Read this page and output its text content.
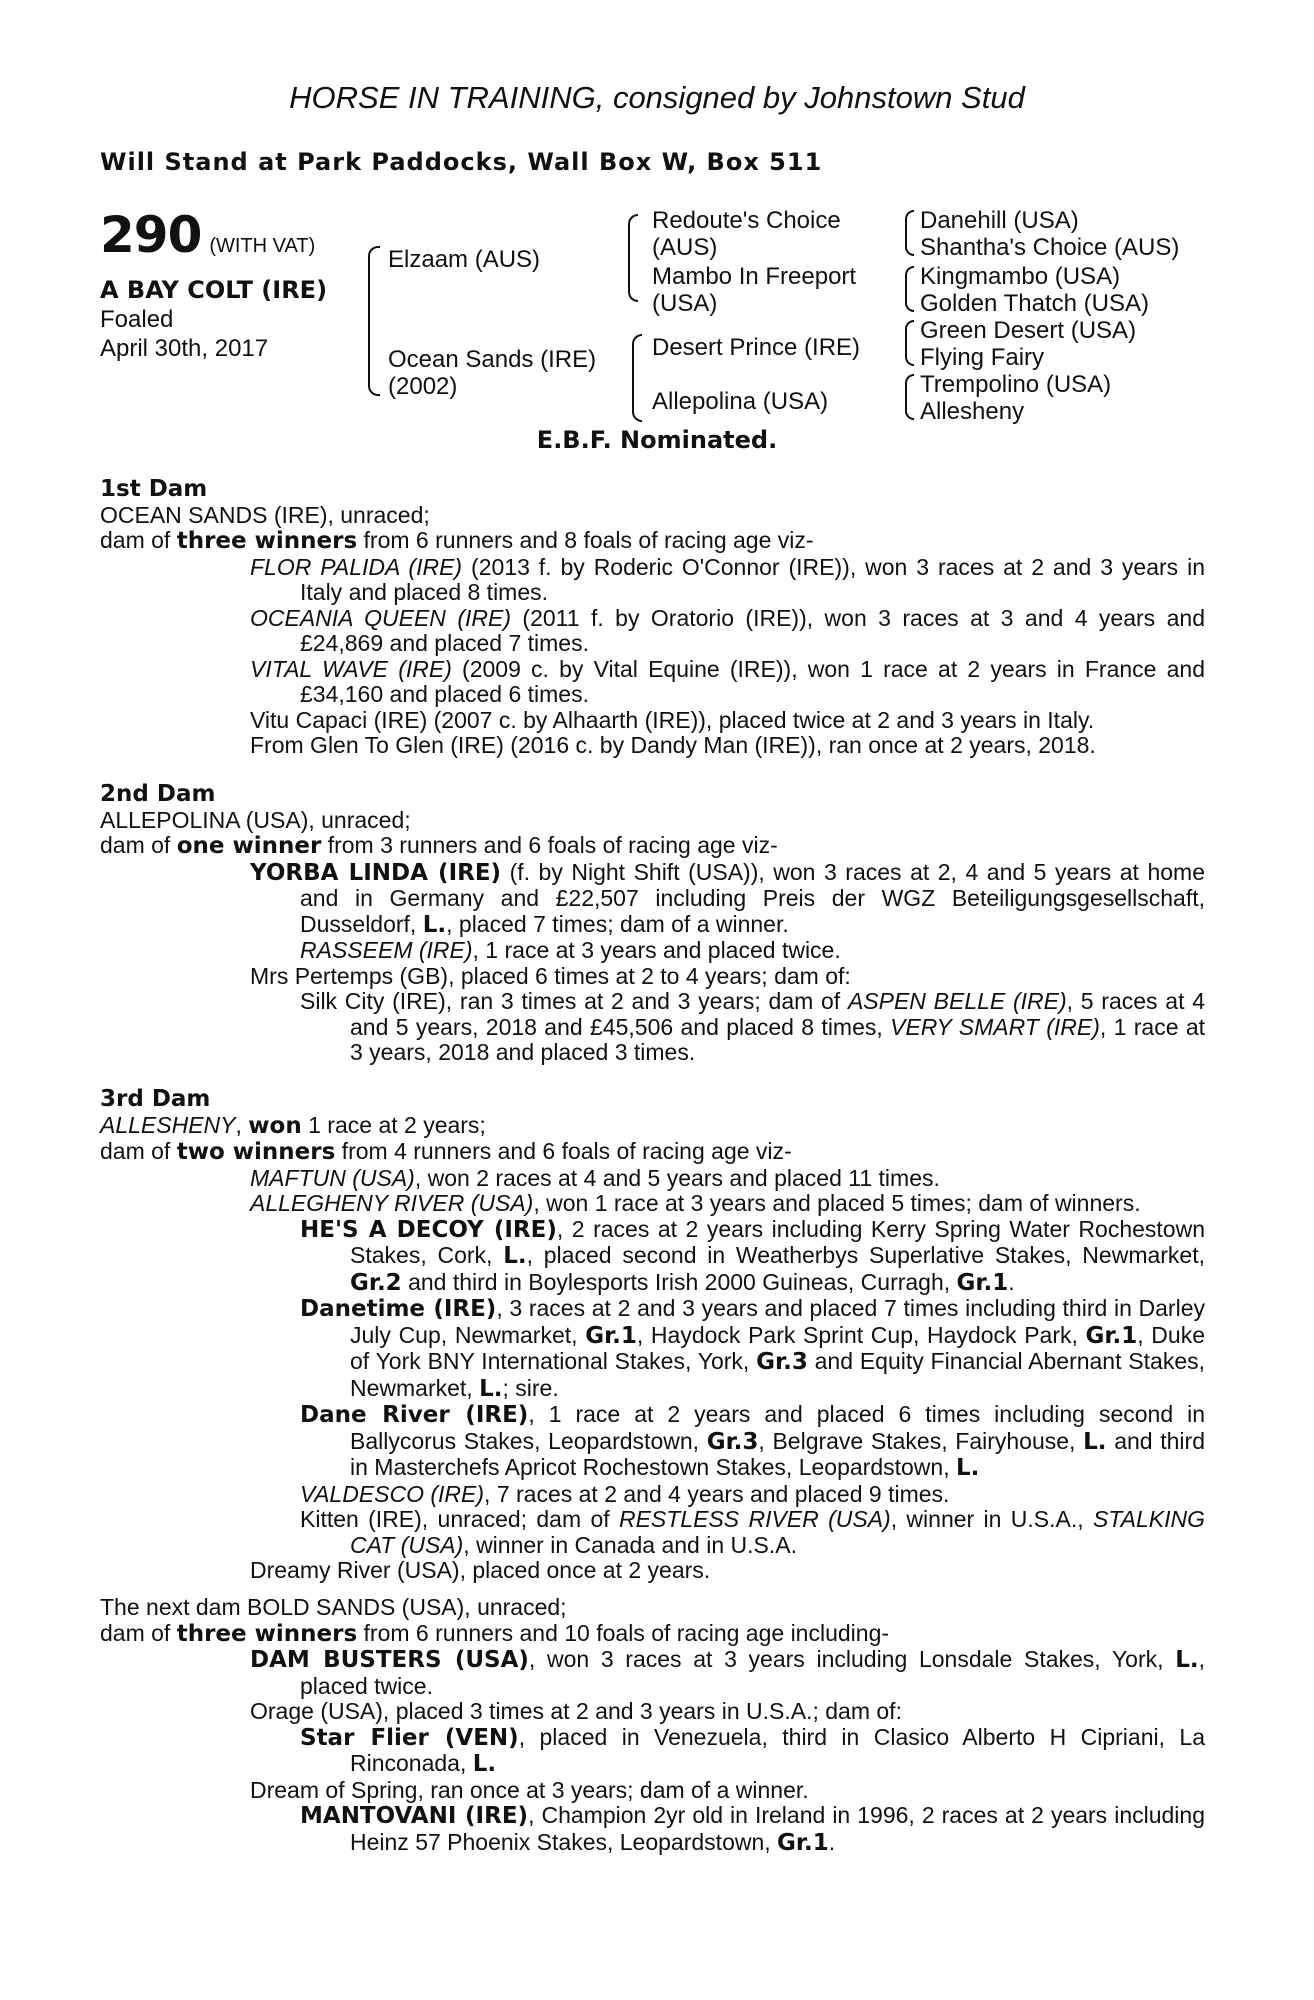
HORSE IN TRAINING, consigned by Johnstown Stud
Will Stand at Park Paddocks, Wall Box W, Box 511
290 (WITH VAT)
A BAY COLT (IRE)
Foaled
April 30th, 2017
Elzaam (AUS)
Ocean Sands (IRE)
(2002)
Redoute's Choice
(AUS)
Mambo In Freeport
(USA)
Desert Prince (IRE)
Allepolina (USA)
Danehill (USA)
Shantha's Choice (AUS)
Kingmambo (USA)
Golden Thatch (USA)
Green Desert (USA)
Flying Fairy
Trempolino (USA)
Allesheny
E.B.F. Nominated.
1st Dam

OCEAN SANDS (IRE), unraced;

dam of three winners from 6 runners and 8 foals of racing age viz-

FLOR PALIDA (IRE) (2013 f. by Roderic O'Connor (IRE)), won 3 races at 2 and 3 years in Italy and placed 8 times.

OCEANIA QUEEN (IRE) (2011 f. by Oratorio (IRE)), won 3 races at 3 and 4 years and £24,869 and placed 7 times.

VITAL WAVE (IRE) (2009 c. by Vital Equine (IRE)), won 1 race at 2 years in France and £34,160 and placed 6 times.

Vitu Capaci (IRE) (2007 c. by Alhaarth (IRE)), placed twice at 2 and 3 years in Italy.

From Glen To Glen (IRE) (2016 c. by Dandy Man (IRE)), ran once at 2 years, 2018.

2nd Dam

ALLEPOLINA (USA), unraced;

dam of one winner from 3 runners and 6 foals of racing age viz-

YORBA LINDA (IRE) (f. by Night Shift (USA)), won 3 races at 2, 4 and 5 years at home and in Germany and £22,507 including Preis der WGZ Beteiligungsgesellschaft, Dusseldorf, L., placed 7 times; dam of a winner.

RASSEEM (IRE), 1 race at 3 years and placed twice.

Mrs Pertemps (GB), placed 6 times at 2 to 4 years; dam of:

Silk City (IRE), ran 3 times at 2 and 3 years; dam of ASPEN BELLE (IRE), 5 races at 4 and 5 years, 2018 and £45,506 and placed 8 times, VERY SMART (IRE), 1 race at 3 years, 2018 and placed 3 times.

3rd Dam

ALLESHENY, won 1 race at 2 years;

dam of two winners from 4 runners and 6 foals of racing age viz-

MAFTUN (USA), won 2 races at 4 and 5 years and placed 11 times.

ALLEGHENY RIVER (USA), won 1 race at 3 years and placed 5 times; dam of winners.

HE'S A DECOY (IRE), 2 races at 2 years including Kerry Spring Water Rochestown Stakes, Cork, L., placed second in Weatherbys Superlative Stakes, Newmarket, Gr.2 and third in Boylesports Irish 2000 Guineas, Curragh, Gr.1.

Danetime (IRE), 3 races at 2 and 3 years and placed 7 times including third in Darley July Cup, Newmarket, Gr.1, Haydock Park Sprint Cup, Haydock Park, Gr.1, Duke of York BNY International Stakes, York, Gr.3 and Equity Financial Abernant Stakes, Newmarket, L.; sire.

Dane River (IRE), 1 race at 2 years and placed 6 times including second in Ballycorus Stakes, Leopardstown, Gr.3, Belgrave Stakes, Fairyhouse, L. and third in Masterchefs Apricot Rochestown Stakes, Leopardstown, L.

VALDESCO (IRE), 7 races at 2 and 4 years and placed 9 times.

Kitten (IRE), unraced; dam of RESTLESS RIVER (USA), winner in U.S.A., STALKING CAT (USA), winner in Canada and in U.S.A.

Dreamy River (USA), placed once at 2 years.

The next dam BOLD SANDS (USA), unraced;

dam of three winners from 6 runners and 10 foals of racing age including-

DAM BUSTERS (USA), won 3 races at 3 years including Lonsdale Stakes, York, L., placed twice.

Orage (USA), placed 3 times at 2 and 3 years in U.S.A.; dam of:

Star Flier (VEN), placed in Venezuela, third in Clasico Alberto H Cipriani, La Rinconada, L.

Dream of Spring, ran once at 3 years; dam of a winner.

MANTOVANI (IRE), Champion 2yr old in Ireland in 1996, 2 races at 2 years including Heinz 57 Phoenix Stakes, Leopardstown, Gr.1.
